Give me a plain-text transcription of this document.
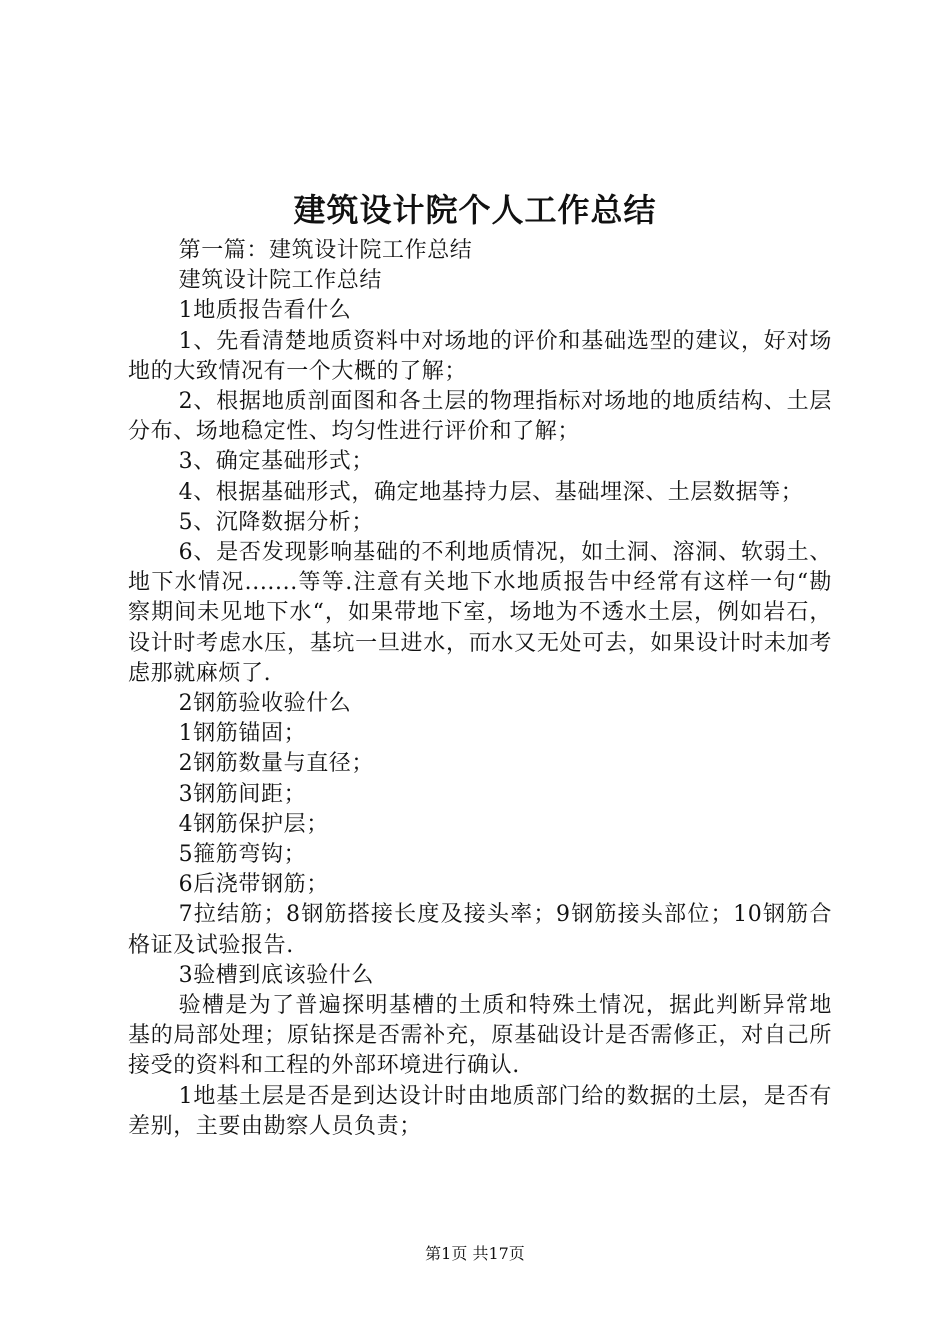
建筑设计院个人工作总结

第一篇：建筑设计院工作总结

建筑设计院工作总结

1地质报告看什么

1、先看清楚地质资料中对场地的评价和基础选型的建议，好对场地的大致情况有一个大概的了解；

2、根据地质剖面图和各土层的物理指标对场地的地质结构、土层分布、场地稳定性、均匀性进行评价和了解；

3、确定基础形式；

4、根据基础形式，确定地基持力层、基础埋深、土层数据等；

5、沉降数据分析；

6、是否发现影响基础的不利地质情况，如土洞、溶洞、软弱土、地下水情况.......等等.注意有关地下水地质报告中经常有这样一句“勘察期间未见地下水“，如果带地下室，场地为不透水土层，例如岩石，设计时考虑水压，基坑一旦进水，而水又无处可去，如果设计时未加考虑那就麻烦了.

2钢筋验收验什么

1钢筋锚固；

2钢筋数量与直径；

3钢筋间距；

4钢筋保护层；

5箍筋弯钩；

6后浇带钢筋；

7拉结筋；8钢筋搭接长度及接头率；9钢筋接头部位；10钢筋合格证及试验报告.

3验槽到底该验什么

验槽是为了普遍探明基槽的土质和特殊土情况，据此判断异常地基的局部处理；原钻探是否需补充，原基础设计是否需修正，对自己所接受的资料和工程的外部环境进行确认.

1地基土层是否是到达设计时由地质部门给的数据的土层，是否有差别，主要由勘察人员负责；

第1页 共17页
